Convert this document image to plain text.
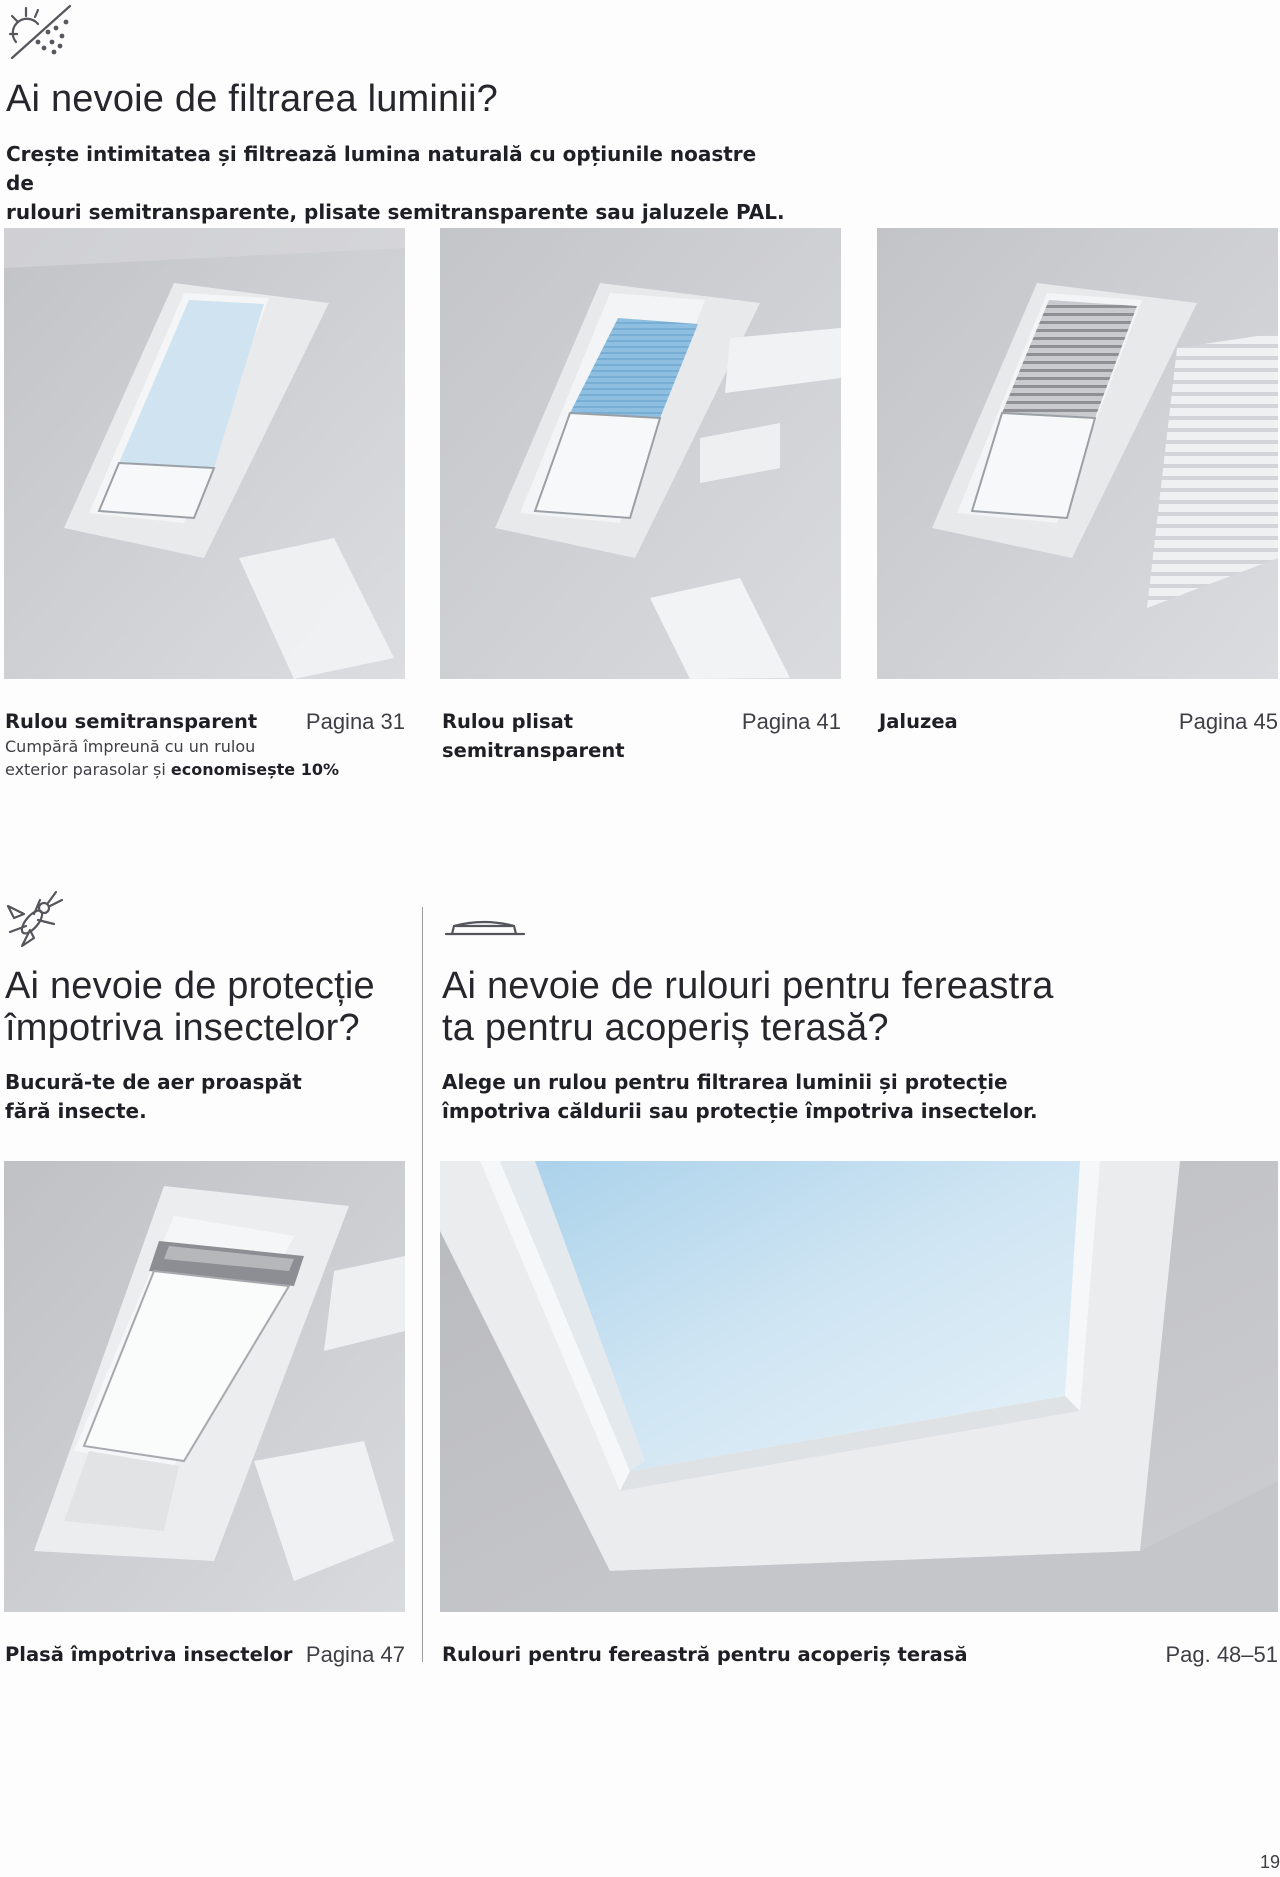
Ai nevoie de filtrarea luminii?
Crește intimitatea și filtrează lumina naturală cu opțiunile noastre de
rulouri semitransparente, plisate semitransparente sau jaluzele PAL.
Rulou semitransparent	Pagina 31
Cumpără împreună cu un rulou
exterior parasolar și economisește 10%
Rulou plisat
semitransparent
Pagina 41 Jaluzea	Pagina 45
Ai nevoie de protecție
împotriva insectelor?
Bucură-te de aer proaspăt
fără insecte.
Plasă împotriva insectelor Pagina 47
Ai nevoie de rulouri pentru fereastra
ta pentru acoperiș terasă?
Alege un rulou pentru filtrarea luminii și protecție
împotriva căldurii sau protecție împotriva insectelor.
Rulouri pentru fereastră pentru acoperiș terasă	Pag. 48–51
19
